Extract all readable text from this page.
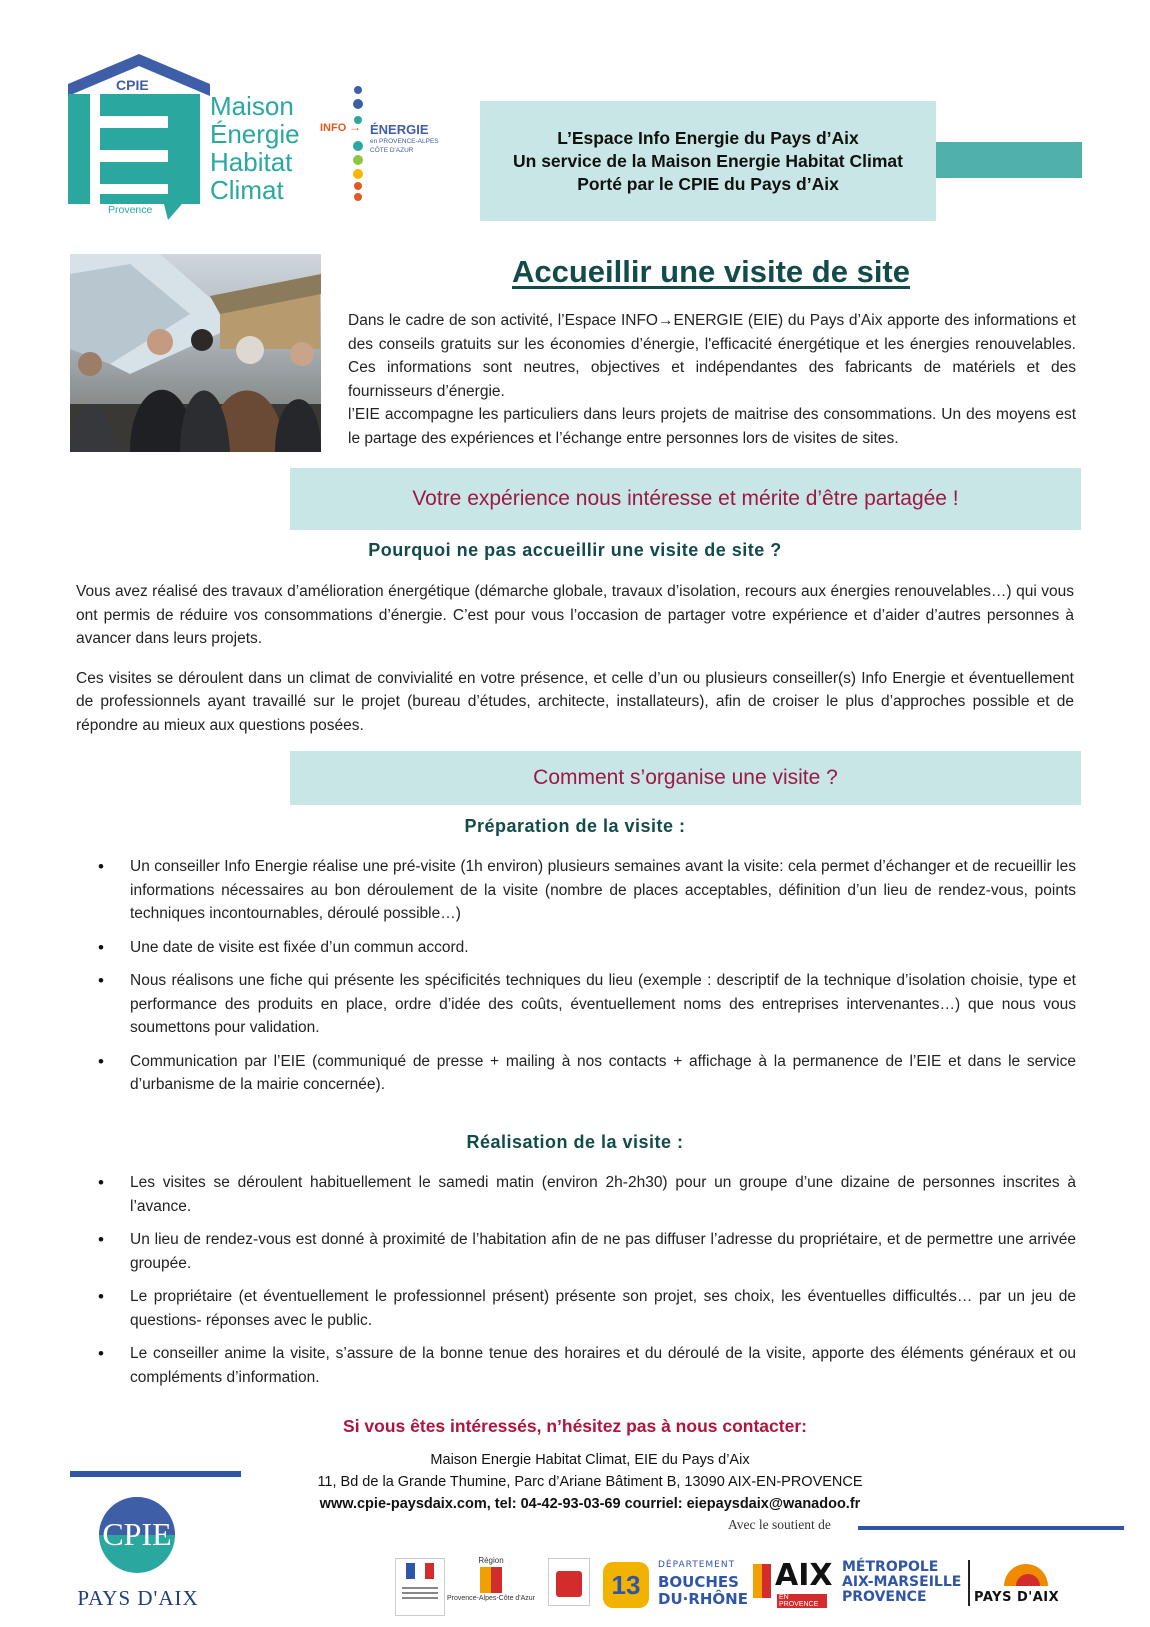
CPIE
Provence
Maison
Énergie
Habitat
Climat
INFO → ÉNERGIE
en PROVENCE-ALPES
CÔTE D'AZUR
L’Espace Info Energie du Pays d’Aix
Un service de la Maison Energie Habitat Climat
Porté par le CPIE du Pays d’Aix
Accueillir une visite de site
Dans le cadre de son activité, l’Espace INFO→ENERGIE (EIE) du Pays d’Aix apporte des informations et des conseils gratuits sur les économies d’énergie, l'efficacité énergétique et les énergies renouvelables. Ces informations sont neutres, objectives et indépendantes des fabricants de matériels et des fournisseurs d’énergie.
l’EIE accompagne les particuliers dans leurs projets de maitrise des consommations. Un des moyens est le partage des expériences et l’échange entre personnes lors de visites de sites.
Votre expérience nous intéresse et mérite d’être partagée !
Pourquoi ne pas accueillir une visite de site ?
Vous avez réalisé des travaux d’amélioration énergétique (démarche globale, travaux d’isolation, recours aux énergies renouvelables…) qui vous ont permis de réduire vos consommations d’énergie. C’est pour vous l’occasion de partager votre expérience et d’aider d’autres personnes à avancer dans leurs projets.
Ces visites se déroulent dans un climat de convivialité en votre présence, et celle d’un ou plusieurs conseiller(s) Info Energie et éventuellement de professionnels ayant travaillé sur le projet (bureau d’études, architecte, installateurs), afin de croiser le plus d’approches possible et de répondre au mieux aux questions posées.
Comment s’organise une visite ?
Préparation de la visite :
• Un conseiller Info Energie réalise une pré-visite (1h environ) plusieurs semaines avant la visite: cela permet d’échanger et de recueillir les informations nécessaires au bon déroulement de la visite (nombre de places acceptables, définition d’un lieu de rendez-vous, points techniques incontournables, déroulé possible…)
• Une date de visite est fixée d’un commun accord.
• Nous réalisons une fiche qui présente les spécificités techniques du lieu (exemple : descriptif de la technique d’isolation choisie, type et performance des produits en place, ordre d’idée des coûts, éventuellement noms des entreprises intervenantes…) que nous vous soumettons pour validation.
• Communication par l’EIE (communiqué de presse + mailing à nos contacts + affichage à la permanence de l’EIE et dans le service d’urbanisme de la mairie concernée).
Réalisation de la visite :
• Les visites se déroulent habituellement le samedi matin (environ 2h-2h30) pour un groupe d’une dizaine de personnes inscrites à l’avance.
• Un lieu de rendez-vous est donné à proximité de l’habitation afin de ne pas diffuser l’adresse du propriétaire, et de permettre une arrivée groupée.
• Le propriétaire (et éventuellement le professionnel présent) présente son projet, ses choix, les éventuelles difficultés… par un jeu de questions- réponses avec le public.
• Le conseiller anime la visite, s’assure de la bonne tenue des horaires et du déroulé de la visite, apporte des éléments généraux et ou compléments d’information.
Si vous êtes intéressés, n’hésitez pas à nous contacter:
Maison Energie Habitat Climat, EIE du Pays d’Aix
11, Bd de la Grande Thumine, Parc d’Ariane Bâtiment B, 13090 AIX-EN-PROVENCE
www.cpie-paysdaix.com, tel: 04-42-93-03-69 courriel: eiepaysdaix@wanadoo.fr
CPIE
PAYS D'AIX
Avec le soutient de
Région
Provence-Alpes-Côte d'Azur	13
DÉPARTEMENT
BOUCHES
DU·RHÔNE
AIX
EN PROVENCE
MÉTROPOLE
AIX-MARSEILLE
PROVENCE	PAYS D'AIX
